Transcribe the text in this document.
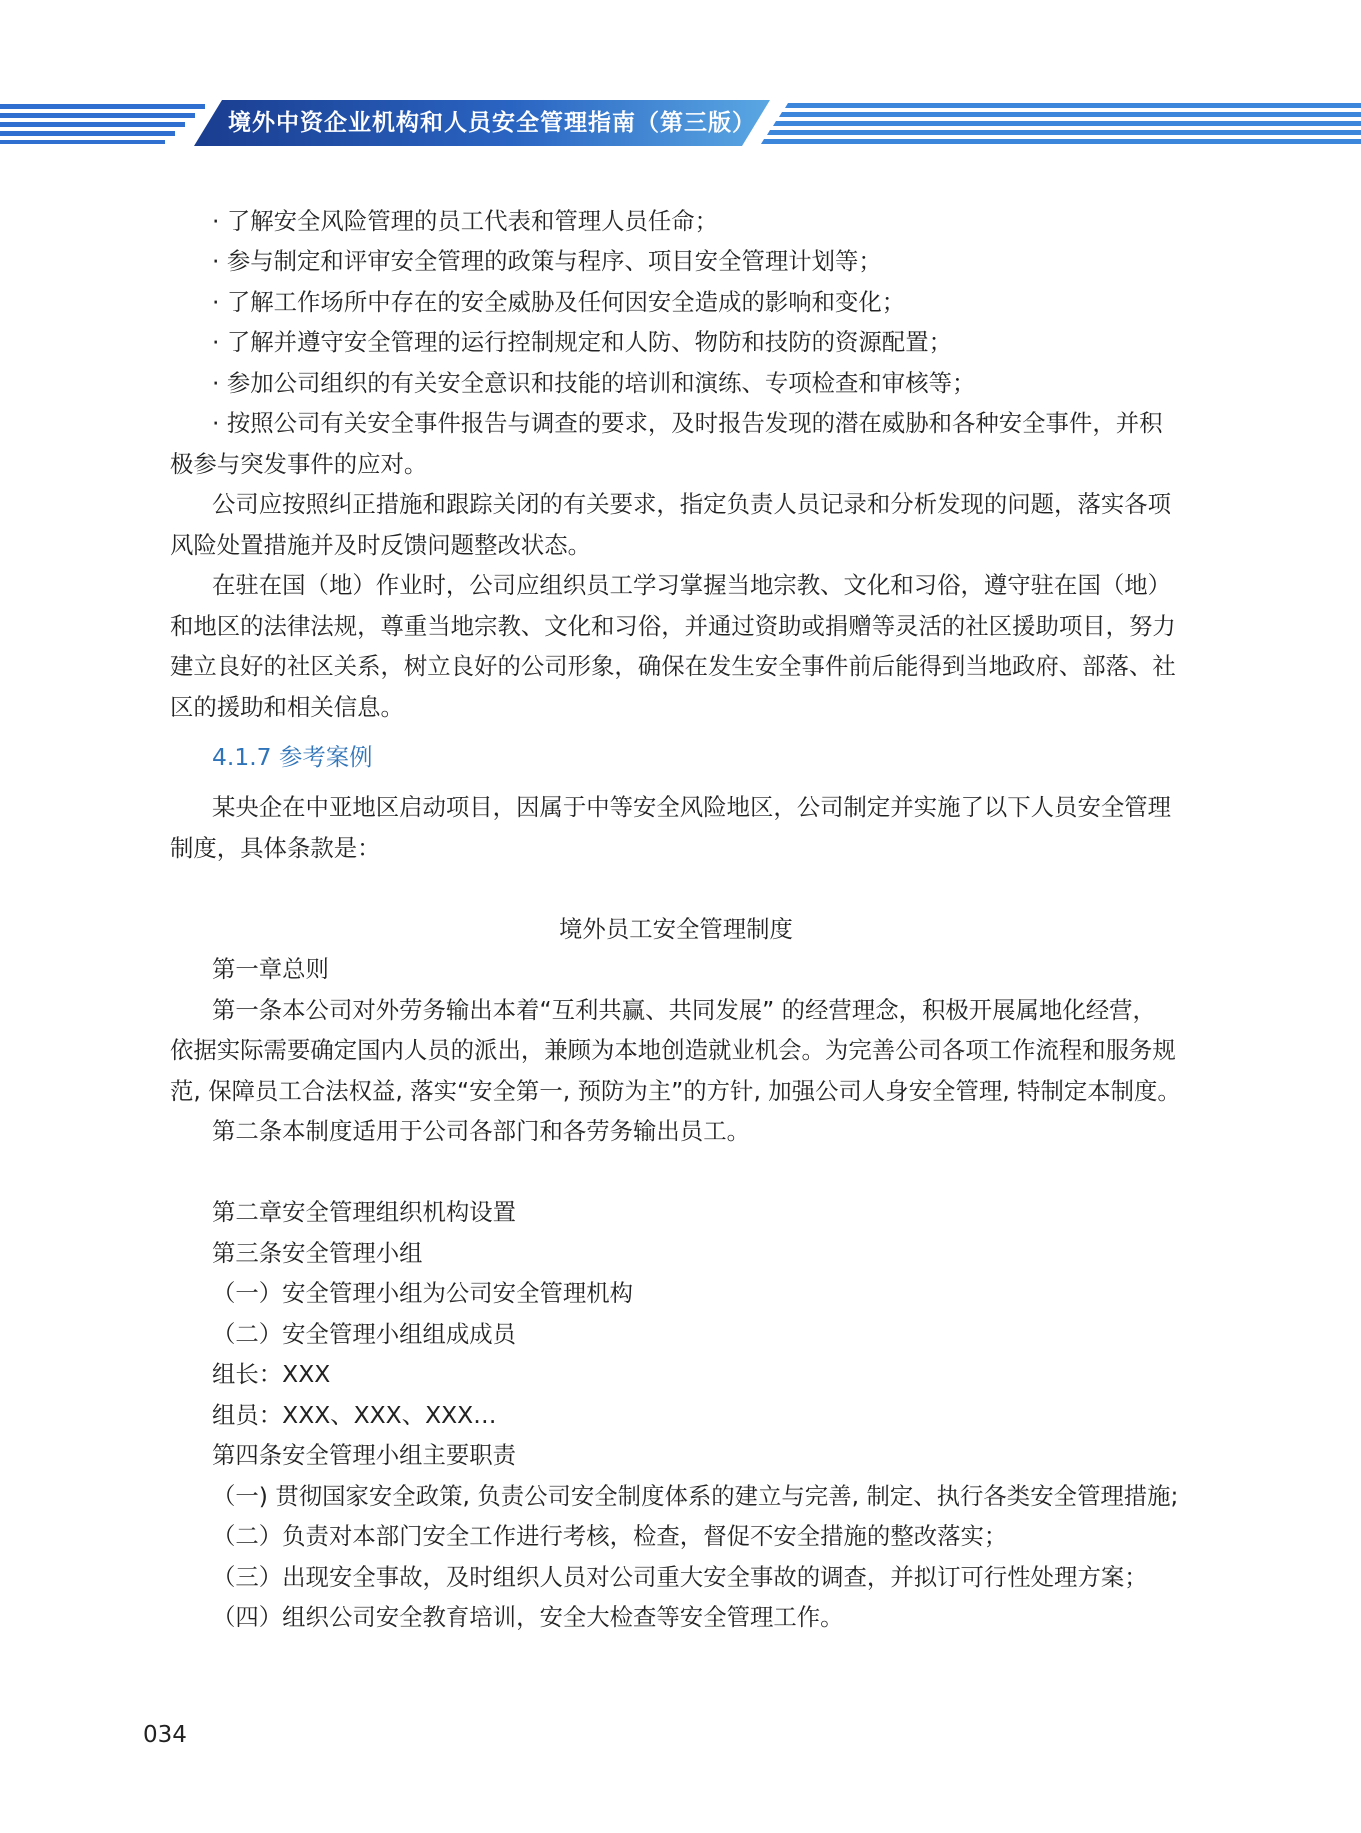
境外中资企业机构和人员安全管理指南（第三版）
· 了解安全风险管理的员工代表和管理人员任命；
· 参与制定和评审安全管理的政策与程序、项目安全管理计划等；
· 了解工作场所中存在的安全威胁及任何因安全造成的影响和变化；
· 了解并遵守安全管理的运行控制规定和人防、物防和技防的资源配置；
· 参加公司组织的有关安全意识和技能的培训和演练、专项检查和审核等；
· 按照公司有关安全事件报告与调查的要求，及时报告发现的潜在威胁和各种安全事件，并积
极参与突发事件的应对。
公司应按照纠正措施和跟踪关闭的有关要求，指定负责人员记录和分析发现的问题，落实各项
风险处置措施并及时反馈问题整改状态。
在驻在国（地）作业时，公司应组织员工学习掌握当地宗教、文化和习俗，遵守驻在国（地）
和地区的法律法规，尊重当地宗教、文化和习俗，并通过资助或捐赠等灵活的社区援助项目，努力
建立良好的社区关系，树立良好的公司形象，确保在发生安全事件前后能得到当地政府、部落、社
区的援助和相关信息。
4.1.7 参考案例
某央企在中亚地区启动项目，因属于中等安全风险地区，公司制定并实施了以下人员安全管理
制度，具体条款是：
境外员工安全管理制度
第一章总则
第一条本公司对外劳务输出本着“互利共赢、共同发展” 的经营理念，积极开展属地化经营，
依据实际需要确定国内人员的派出，兼顾为本地创造就业机会。为完善公司各项工作流程和服务规
范, 保障员工合法权益, 落实“安全第一, 预防为主”的方针, 加强公司人身安全管理, 特制定本制度。
第二条本制度适用于公司各部门和各劳务输出员工。
第二章安全管理组织机构设置
第三条安全管理小组
（一）安全管理小组为公司安全管理机构
（二）安全管理小组组成成员
组长：XXX
组员：XXX、XXX、XXX…
第四条安全管理小组主要职责
（一) 贯彻国家安全政策, 负责公司安全制度体系的建立与完善, 制定、执行各类安全管理措施;
（二）负责对本部门安全工作进行考核，检查，督促不安全措施的整改落实；
（三）出现安全事故，及时组织人员对公司重大安全事故的调查，并拟订可行性处理方案；
（四）组织公司安全教育培训，安全大检查等安全管理工作。
034
